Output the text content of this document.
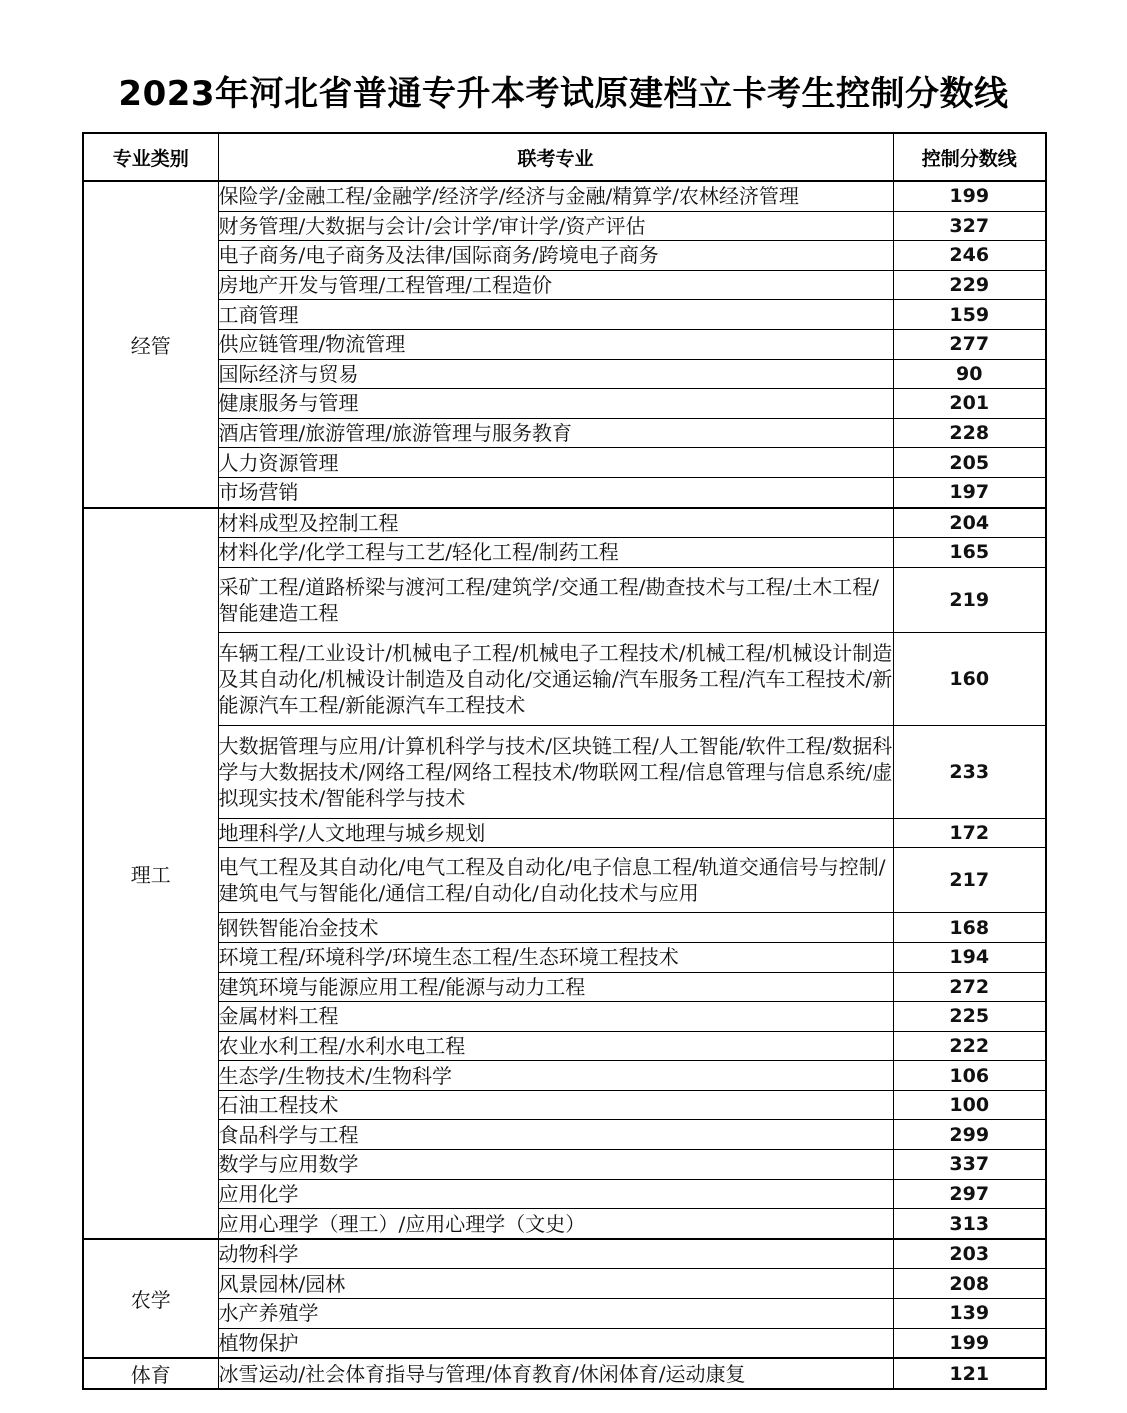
2023年河北省普通专升本考试原建档立卡考生控制分数线
专业类别	联考专业	控制分数线
经管	保险学/金融工程/金融学/经济学/经济与金融/精算学/农林经济管理	199
	财务管理/大数据与会计/会计学/审计学/资产评估	327
	电子商务/电子商务及法律/国际商务/跨境电子商务	246
	房地产开发与管理/工程管理/工程造价	229
	工商管理	159
	供应链管理/物流管理	277
	国际经济与贸易	90
	健康服务与管理	201
	酒店管理/旅游管理/旅游管理与服务教育	228
	人力资源管理	205
	市场营销	197
理工	材料成型及控制工程	204
	材料化学/化学工程与工艺/轻化工程/制药工程	165
	采矿工程/道路桥梁与渡河工程/建筑学/交通工程/勘查技术与工程/土木工程/智能建造工程	219
	车辆工程/工业设计/机械电子工程/机械电子工程技术/机械工程/机械设计制造及其自动化/机械设计制造及自动化/交通运输/汽车服务工程/汽车工程技术/新能源汽车工程/新能源汽车工程技术	160
	大数据管理与应用/计算机科学与技术/区块链工程/人工智能/软件工程/数据科学与大数据技术/网络工程/网络工程技术/物联网工程/信息管理与信息系统/虚拟现实技术/智能科学与技术	233
	地理科学/人文地理与城乡规划	172
	电气工程及其自动化/电气工程及自动化/电子信息工程/轨道交通信号与控制/建筑电气与智能化/通信工程/自动化/自动化技术与应用	217
	钢铁智能冶金技术	168
	环境工程/环境科学/环境生态工程/生态环境工程技术	194
	建筑环境与能源应用工程/能源与动力工程	272
	金属材料工程	225
	农业水利工程/水利水电工程	222
	生态学/生物技术/生物科学	106
	石油工程技术	100
	食品科学与工程	299
	数学与应用数学	337
	应用化学	297
	应用心理学（理工）/应用心理学（文史）	313
农学	动物科学	203
	风景园林/园林	208
	水产养殖学	139
	植物保护	199
体育	冰雪运动/社会体育指导与管理/体育教育/休闲体育/运动康复	121
